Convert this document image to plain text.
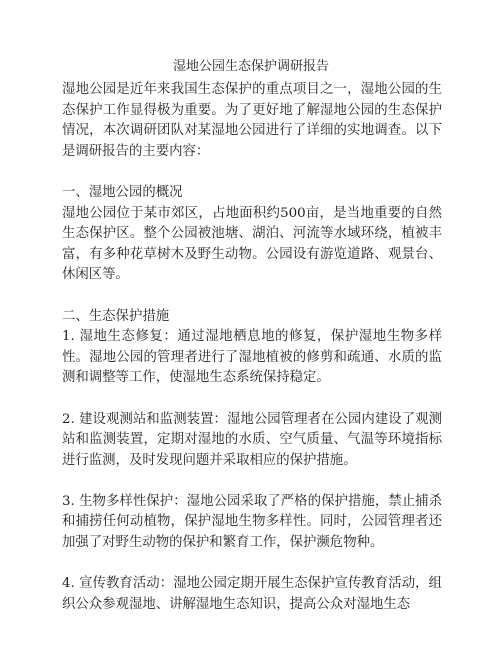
湿地公园生态保护调研报告

湿地公园是近年来我国生态保护的重点项目之一，湿地公园的生态保护工作显得极为重要。为了更好地了解湿地公园的生态保护情况，本次调研团队对某湿地公园进行了详细的实地调查。以下是调研报告的主要内容：

一、湿地公园的概况

湿地公园位于某市郊区，占地面积约500亩，是当地重要的自然生态保护区。整个公园被池塘、湖泊、河流等水域环绕，植被丰富，有多种花草树木及野生动物。公园设有游览道路、观景台、休闲区等。

二、生态保护措施

1. 湿地生态修复：通过湿地栖息地的修复，保护湿地生物多样性。湿地公园的管理者进行了湿地植被的修剪和疏通、水质的监测和调整等工作，使湿地生态系统保持稳定。

2. 建设观测站和监测装置：湿地公园管理者在公园内建设了观测站和监测装置，定期对湿地的水质、空气质量、气温等环境指标进行监测，及时发现问题并采取相应的保护措施。

3. 生物多样性保护：湿地公园采取了严格的保护措施，禁止捕杀和捕捞任何动植物，保护湿地生物多样性。同时，公园管理者还加强了对野生动物的保护和繁育工作，保护濒危物种。

4. 宣传教育活动：湿地公园定期开展生态保护宣传教育活动，组织公众参观湿地、讲解湿地生态知识，提高公众对湿地生态
